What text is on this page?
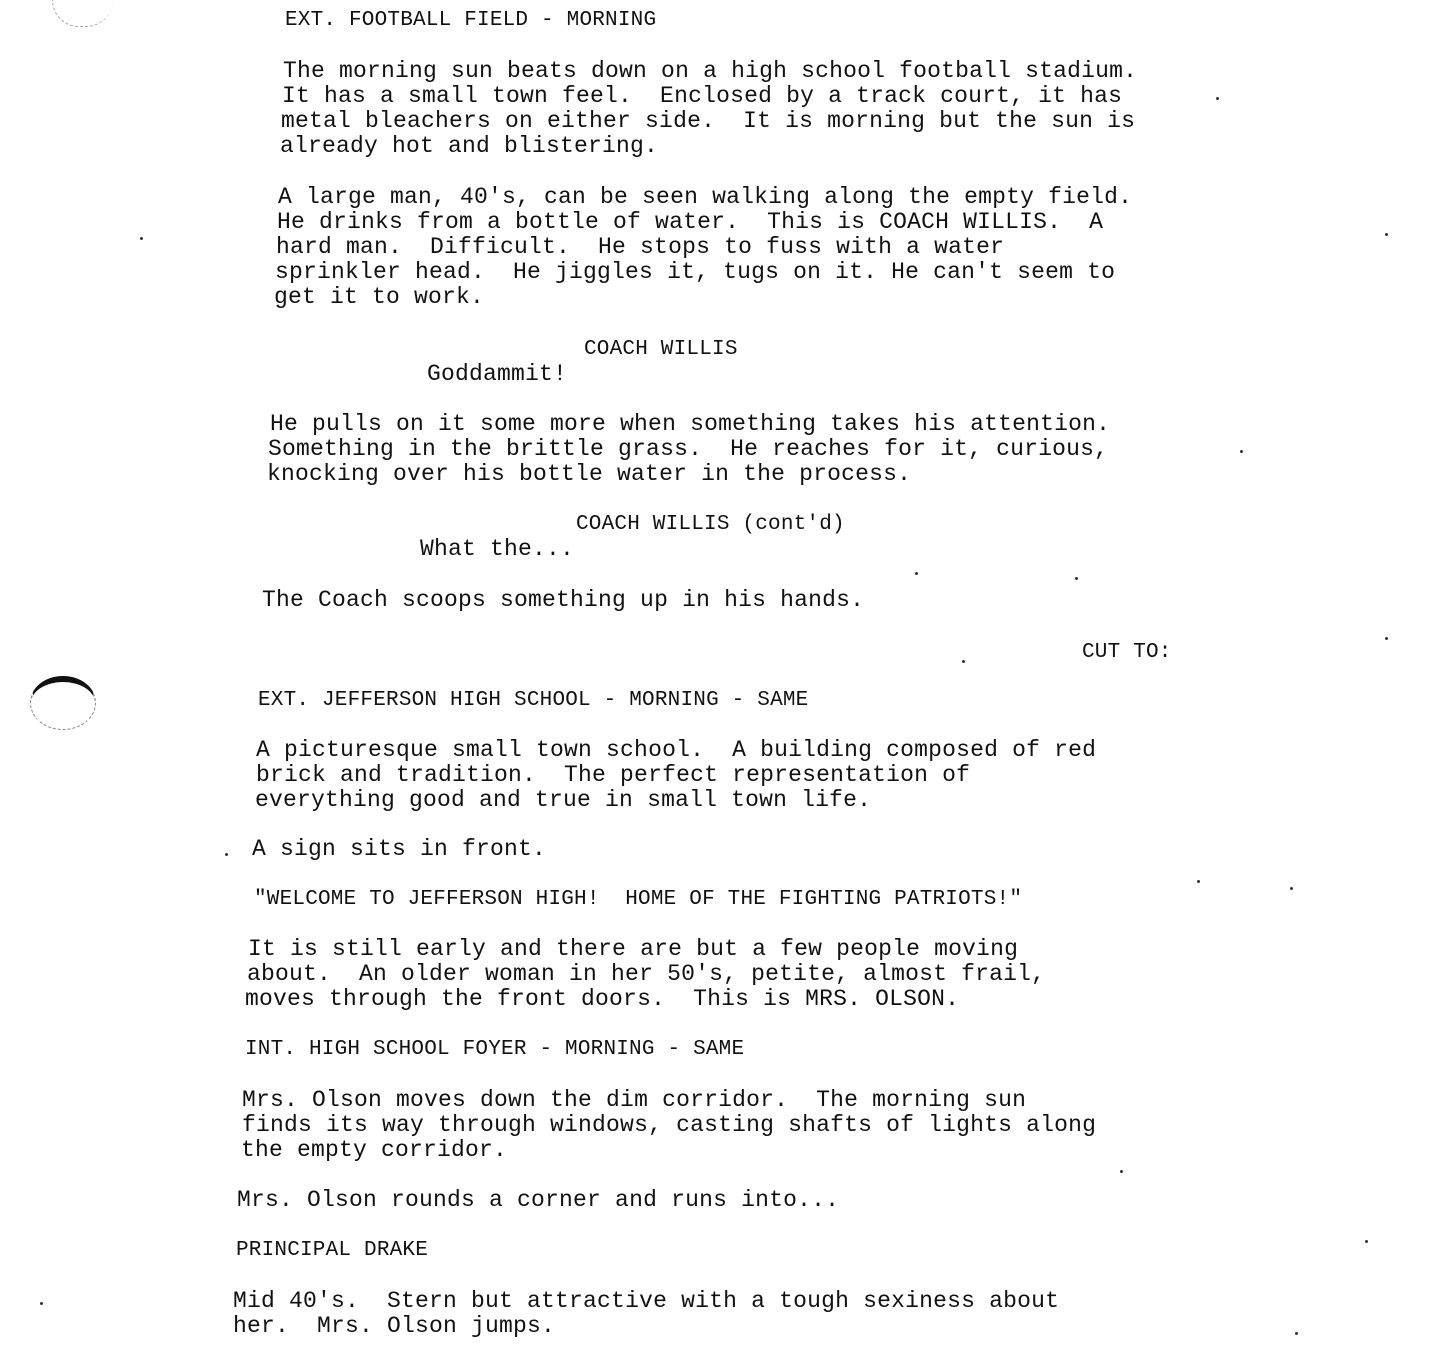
EXT. FOOTBALL FIELD - MORNING
The morning sun beats down on a high school football stadium.
It has a small town feel.  Enclosed by a track court, it has
metal bleachers on either side.  It is morning but the sun is
already hot and blistering.
A large man, 40's, can be seen walking along the empty field.
He drinks from a bottle of water.  This is COACH WILLIS.  A
hard man.  Difficult.  He stops to fuss with a water
sprinkler head.  He jiggles it, tugs on it. He can't seem to
get it to work.
COACH WILLIS
Goddammit!
He pulls on it some more when something takes his attention.
Something in the brittle grass.  He reaches for it, curious,
knocking over his bottle water in the process.
COACH WILLIS (cont'd)
What the...
The Coach scoops something up in his hands.
CUT TO:
EXT. JEFFERSON HIGH SCHOOL - MORNING - SAME
A picturesque small town school.  A building composed of red
brick and tradition.  The perfect representation of
everything good and true in small town life.
A sign sits in front.
"WELCOME TO JEFFERSON HIGH!  HOME OF THE FIGHTING PATRIOTS!"
It is still early and there are but a few people moving
about.  An older woman in her 50's, petite, almost frail,
moves through the front doors.  This is MRS. OLSON.
INT. HIGH SCHOOL FOYER - MORNING - SAME
Mrs. Olson moves down the dim corridor.  The morning sun
finds its way through windows, casting shafts of lights along
the empty corridor.
Mrs. Olson rounds a corner and runs into...
PRINCIPAL DRAKE
Mid 40's.  Stern but attractive with a tough sexiness about
her.  Mrs. Olson jumps.
